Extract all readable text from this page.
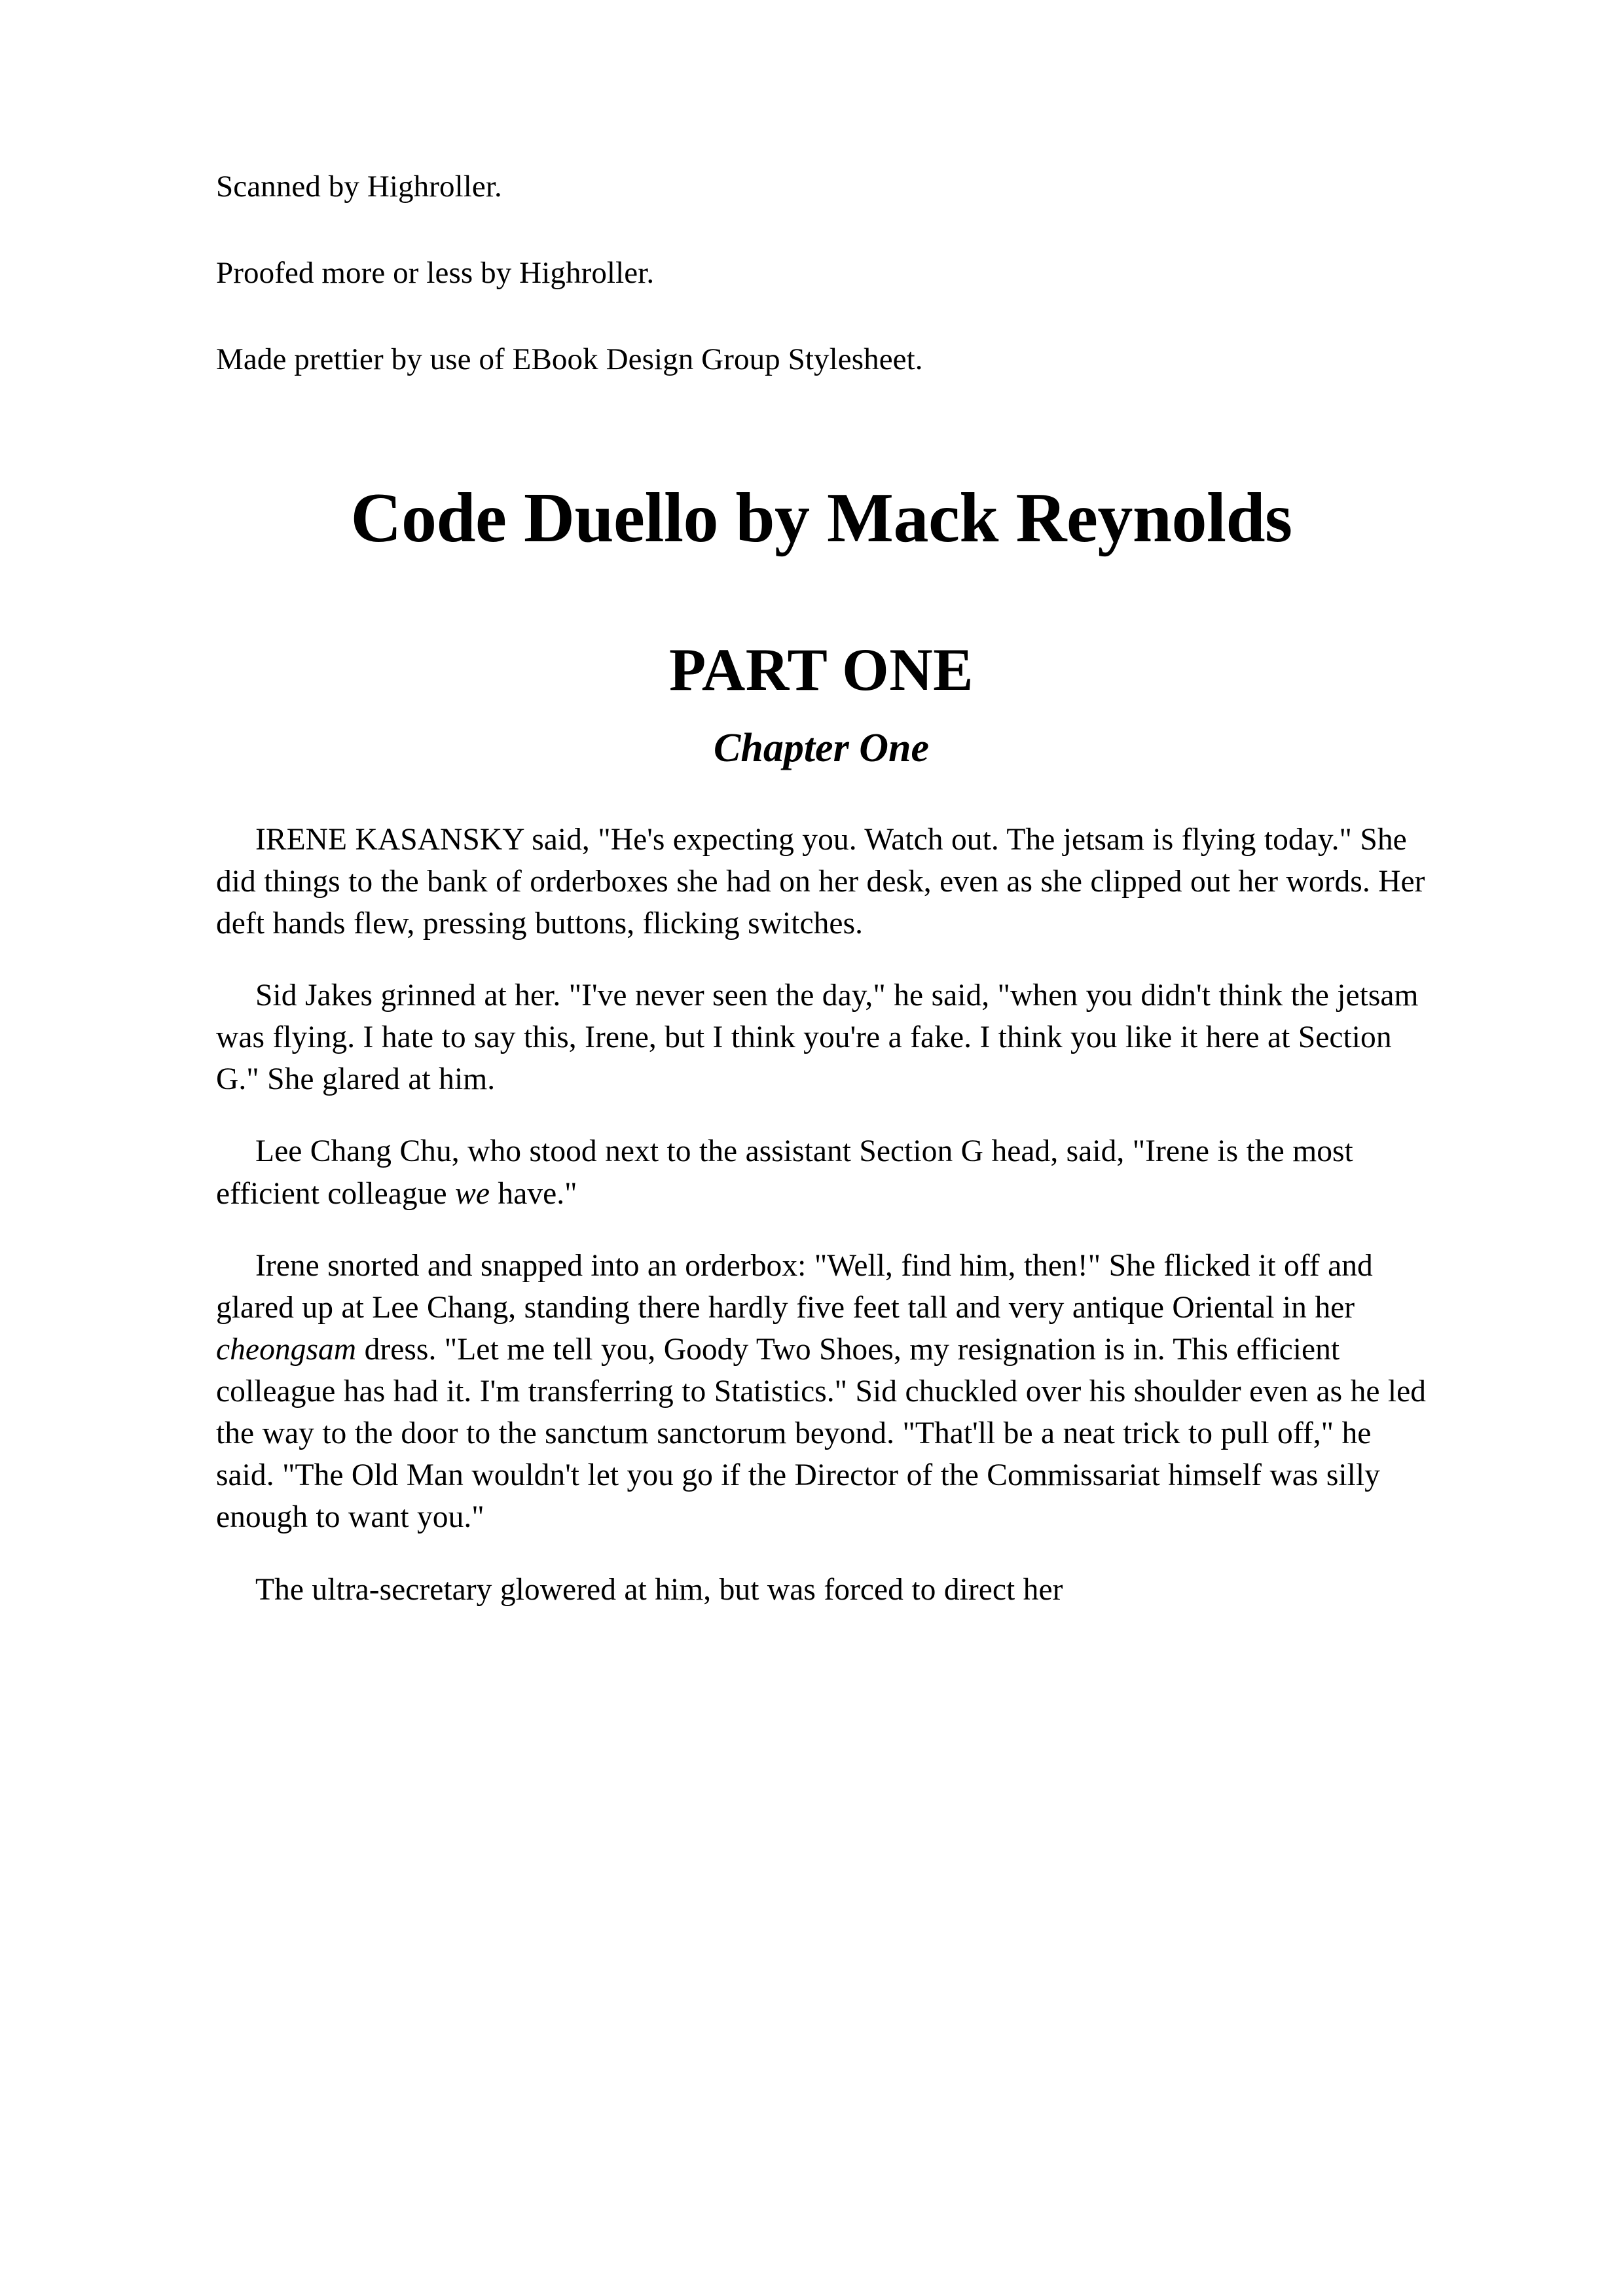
Scanned by Highroller.

Proofed more or less by Highroller.

Made prettier by use of EBook Design Group Stylesheet.

Code Duello by Mack Reynolds
PART ONE
Chapter One

IRENE KASANSKY said, "He's expecting you. Watch out. The jetsam is flying today." She did things to the bank of orderboxes she had on her desk, even as she clipped out her words. Her deft hands flew, pressing buttons, flicking switches.

Sid Jakes grinned at her. "I've never seen the day," he said, "when you didn't think the jetsam was flying. I hate to say this, Irene, but I think you're a fake. I think you like it here at Section G." She glared at him.

Lee Chang Chu, who stood next to the assistant Section G head, said, "Irene is the most efficient colleague we have."

Irene snorted and snapped into an orderbox: "Well, find him, then!" She flicked it off and glared up at Lee Chang, standing there hardly five feet tall and very antique Oriental in her cheongsam dress. "Let me tell you, Goody Two Shoes, my resignation is in. This efficient colleague has had it. I'm transferring to Statistics." Sid chuckled over his shoulder even as he led the way to the door to the sanctum sanctorum beyond. "That'll be a neat trick to pull off," he said. "The Old Man wouldn't let you go if the Director of the Commissariat himself was silly enough to want you."

The ultra-secretary glowered at him, but was forced to direct her
